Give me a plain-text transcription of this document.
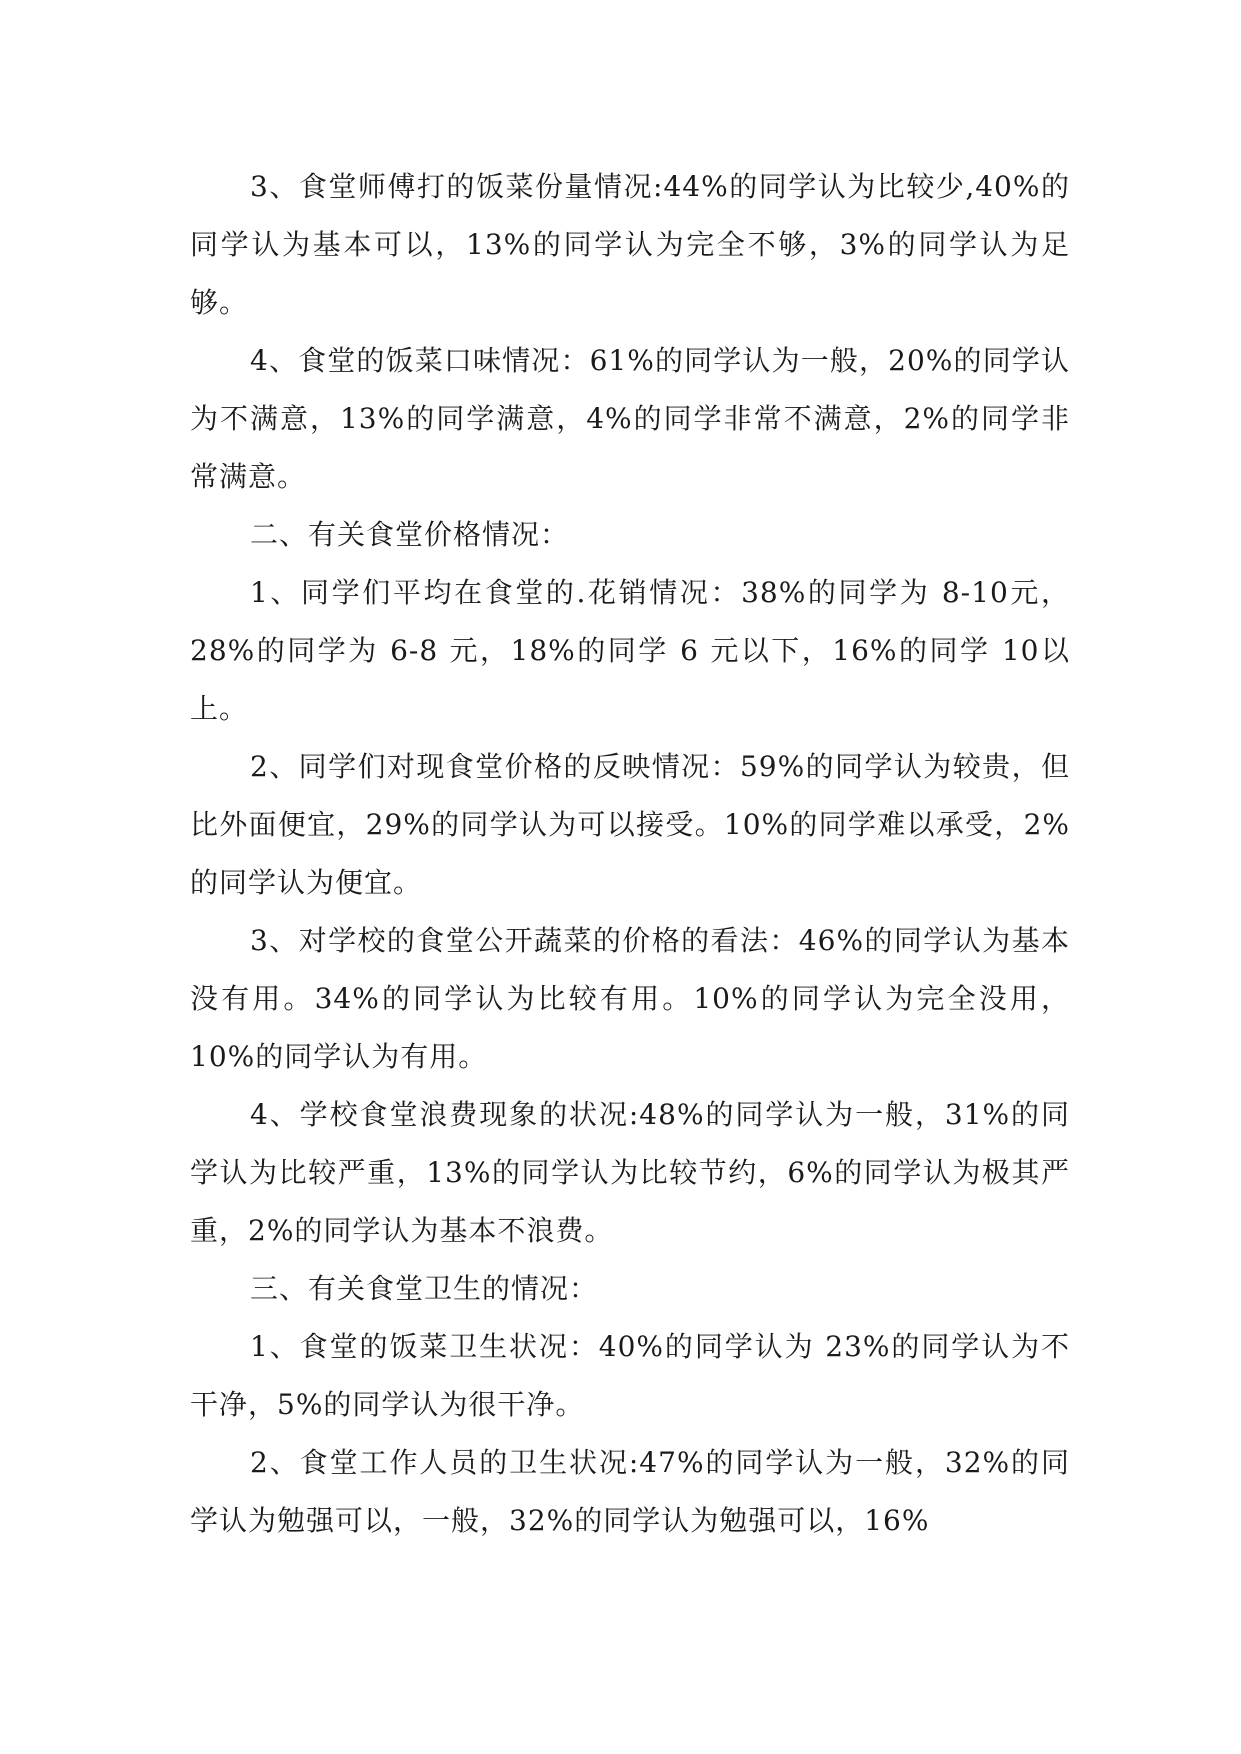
3、食堂师傅打的饭菜份量情况:44%的同学认为比较少,40%的同学认为基本可以，13%的同学认为完全不够，3%的同学认为足够。

4、食堂的饭菜口味情况：61%的同学认为一般，20%的同学认为不满意，13%的同学满意，4%的同学非常不满意，2%的同学非常满意。

二、有关食堂价格情况：

1、同学们平均在食堂的.花销情况：38%的同学为 8-10元，28%的同学为 6-8 元，18%的同学 6 元以下，16%的同学 10以上。

2、同学们对现食堂价格的反映情况：59%的同学认为较贵，但比外面便宜，29%的同学认为可以接受。10%的同学难以承受，2%的同学认为便宜。

3、对学校的食堂公开蔬菜的价格的看法：46%的同学认为基本没有用。34%的同学认为比较有用。10%的同学认为完全没用，10%的同学认为有用。

4、学校食堂浪费现象的状况:48%的同学认为一般，31%的同学认为比较严重，13%的同学认为比较节约，6%的同学认为极其严重，2%的同学认为基本不浪费。

三、有关食堂卫生的情况：

1、食堂的饭菜卫生状况：40%的同学认为 23%的同学认为不干净，5%的同学认为很干净。

2、食堂工作人员的卫生状况:47%的同学认为一般，32%的同学认为勉强可以，一般，32%的同学认为勉强可以，16%
